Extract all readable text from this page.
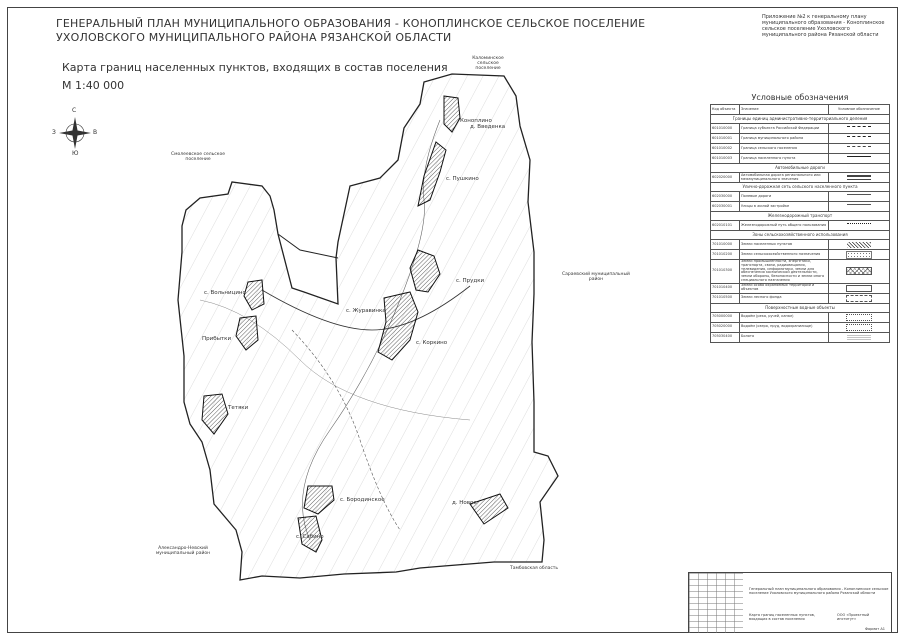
ГЕНЕРАЛЬНЫЙ ПЛАН МУНИЦИПАЛЬНОГО ОБРАЗОВАНИЯ - КОНОПЛИНСКОЕ СЕЛЬСКОЕ ПОСЕЛЕНИЕ
УХОЛОВСКОГО МУНИЦИПАЛЬНОГО РАЙОНА РЯЗАНСКОЙ ОБЛАСТИ
Карта границ населенных пунктов, входящих в состав поселения
М 1:40 000
Приложение №2 к генеральному плану муниципального образования - Коноплинское сельское поселение Ухоловского муниципального района Рязанской области
С
Ю
З	В
Коноплино
с. Пушкино
д. Введенка
с. Прудки
с. Журавинка
с. Коркино
с. Вольницино
Прибытки
Тетяки
с. Бородинское	д. Новое
с. Сабино
Каломинское сельское поселение
Смолеевское сельское поселение
Сараевский муниципальный район
Александро-Невский муниципальный район
Тамбовская область
Условные обозначения
Код объекта	Значение	Условное обозначение
Границы единиц административно-территориального деления		
601010000	Граница субъекта Российской Федерации	
601010001	Граница муниципального района	
601010002	Граница сельского поселения	
601010003	Граница населенного пункта	
Автомобильные дороги		
602020000	Автомобильная дорога регионального или межмуниципального значения	
Улично-дорожная сеть сельского населенного пункта		
602030000	Полевые дороги	
602030001	Улицы в жилой застройке	
Железнодорожный транспорт		
602010101	Железнодорожный путь общего пользования	
Зоны сельскохозяйственного использования		
701010000	Земли населенных пунктов	
701010200	Земли сельскохозяйственного назначения	
701010300	Земли промышленности, энергетики, транспорта, связи, радиовещания, телевидения, информатики, земли для обеспечения космической деятельности, земли обороны, безопасности и земли иного специального назначения	
701010400	Земли особо охраняемых территорий и объектов	
701010500	Земли лесного фонда	
Поверхностные водные объекты		
705000000	Водоём (река, ручей, канал)	
705020000	Водоём (озеро, пруд, водохранилище)	
705030400	Болото	
Генеральный план муниципального образования - Коноплинское сельское поселение Ухоловского муниципального района Рязанской области
Карта границ населенных пунктов, входящих в состав поселения
ООО «Проектный институт»
Формат А1
